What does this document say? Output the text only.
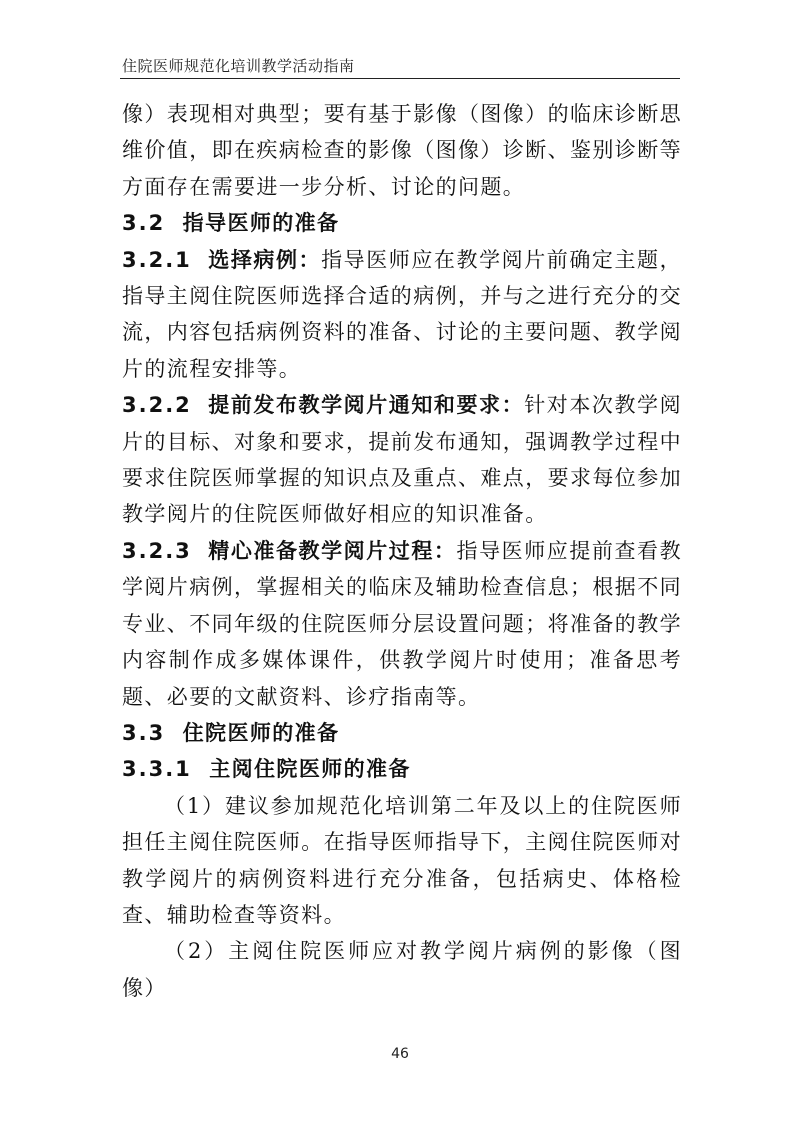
住院医师规范化培训教学活动指南

像）表现相对典型；要有基于影像（图像）的临床诊断思维价值，即在疾病检查的影像（图像）诊断、鉴别诊断等方面存在需要进一步分析、讨论的问题。

3.2 指导医师的准备

3.2.1 选择病例：指导医师应在教学阅片前确定主题，指导主阅住院医师选择合适的病例，并与之进行充分的交流，内容包括病例资料的准备、讨论的主要问题、教学阅片的流程安排等。

3.2.2 提前发布教学阅片通知和要求：针对本次教学阅片的目标、对象和要求，提前发布通知，强调教学过程中要求住院医师掌握的知识点及重点、难点，要求每位参加教学阅片的住院医师做好相应的知识准备。

3.2.3 精心准备教学阅片过程：指导医师应提前查看教学阅片病例，掌握相关的临床及辅助检查信息；根据不同专业、不同年级的住院医师分层设置问题；将准备的教学内容制作成多媒体课件，供教学阅片时使用；准备思考题、必要的文献资料、诊疗指南等。

3.3 住院医师的准备

3.3.1 主阅住院医师的准备

（1）建议参加规范化培训第二年及以上的住院医师担任主阅住院医师。在指导医师指导下，主阅住院医师对教学阅片的病例资料进行充分准备，包括病史、体格检查、辅助检查等资料。

（2）主阅住院医师应对教学阅片病例的影像（图像）

46
